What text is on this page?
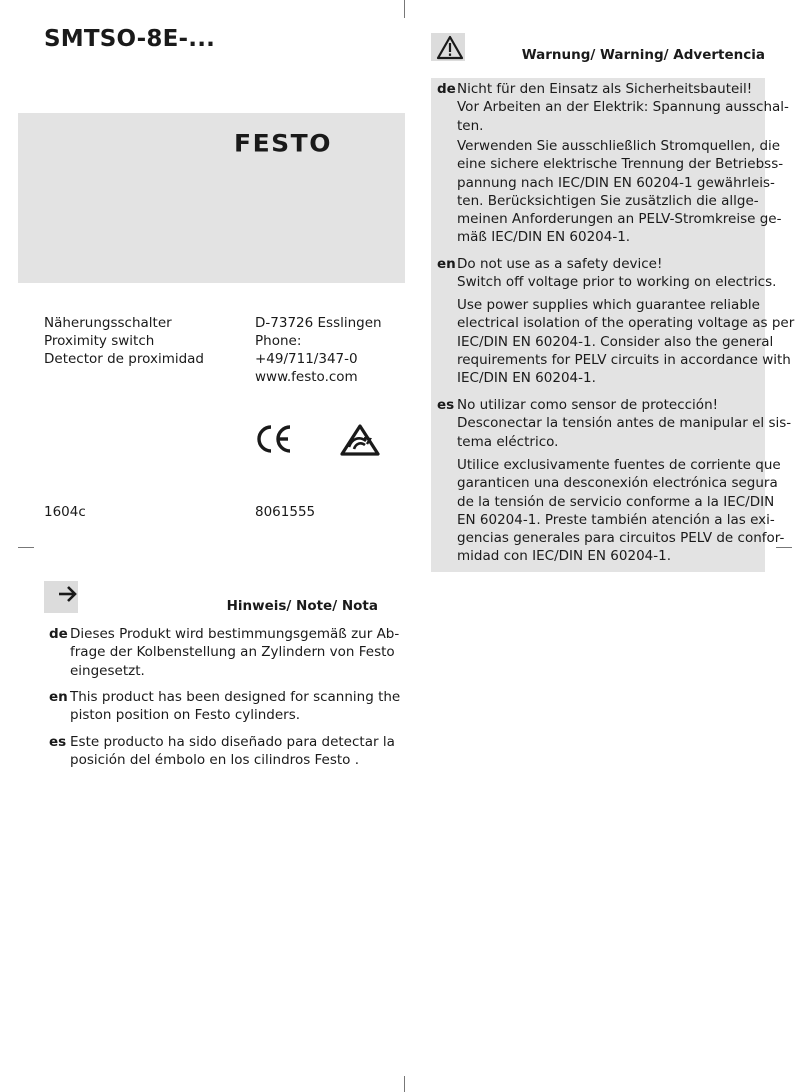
SMTSO-8E-...
FESTO
Näherungsschalter
Proximity switch
Detector de proximidad
D-73726 Esslingen
Phone:
+49/711/347-0
www.festo.com
1604c	8061555
Warnung/ Warning/ Advertencia
de Nicht für den Einsatz als Sicherheitsbauteil!
Vor Arbeiten an der Elektrik: Spannung ausschal-
ten.
Verwenden Sie ausschließlich Stromquellen, die
eine sichere elektrische Trennung der Betriebss-
pannung nach IEC/DIN EN 60204-1 gewährleis-
ten. Berücksichtigen Sie zusätzlich die allge-
meinen Anforderungen an PELV-Stromkreise ge-
mäß IEC/DIN EN 60204-1.
en Do not use as a safety device!
Switch off voltage prior to working on electrics.
Use power supplies which guarantee reliable
electrical isolation of the operating voltage as per
IEC/DIN EN 60204-1. Consider also the general
requirements for PELV circuits in accordance with
IEC/DIN EN 60204-1.
es No utilizar como sensor de protección!
Desconectar la tensión antes de manipular el sis-
tema eléctrico.
Utilice exclusivamente fuentes de corriente que
garanticen una desconexión electrónica segura
de la tensión de servicio conforme a la IEC/DIN
EN 60204-1. Preste también atención a las exi-
gencias generales para circuitos PELV de confor-
midad con IEC/DIN EN 60204-1.
Hinweis/ Note/ Nota
de Dieses Produkt wird bestimmungsgemäß zur Ab-
frage der Kolbenstellung an Zylindern von Festo
eingesetzt.
en This product has been designed for scanning the
piston position on Festo cylinders.
es Este producto ha sido diseñado para detectar la
posición del émbolo en los cilindros Festo .
